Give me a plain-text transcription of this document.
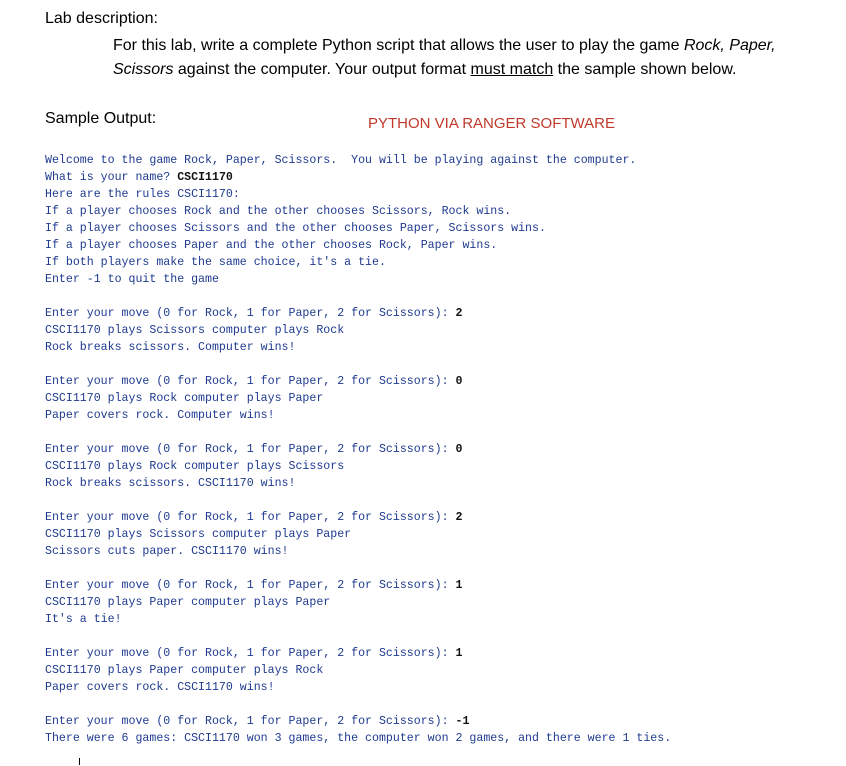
Lab description:
For this lab, write a complete Python script that allows the user to play the game Rock, Paper, Scissors against the computer. Your output format must match the sample shown below.
Sample Output:	PYTHON VIA RANGER SOFTWARE
Welcome to the game Rock, Paper, Scissors.  You will be playing against the computer.
What is your name? CSCI1170
Here are the rules CSCI1170:
If a player chooses Rock and the other chooses Scissors, Rock wins.
If a player chooses Scissors and the other chooses Paper, Scissors wins.
If a player chooses Paper and the other chooses Rock, Paper wins.
If both players make the same choice, it's a tie.
Enter -1 to quit the game
Enter your move (0 for Rock, 1 for Paper, 2 for Scissors): 2
CSCI1170 plays Scissors computer plays Rock
Rock breaks scissors. Computer wins!
Enter your move (0 for Rock, 1 for Paper, 2 for Scissors): 0
CSCI1170 plays Rock computer plays Paper
Paper covers rock. Computer wins!
Enter your move (0 for Rock, 1 for Paper, 2 for Scissors): 0
CSCI1170 plays Rock computer plays Scissors
Rock breaks scissors. CSCI1170 wins!
Enter your move (0 for Rock, 1 for Paper, 2 for Scissors): 2
CSCI1170 plays Scissors computer plays Paper
Scissors cuts paper. CSCI1170 wins!
Enter your move (0 for Rock, 1 for Paper, 2 for Scissors): 1
CSCI1170 plays Paper computer plays Paper
It's a tie!
Enter your move (0 for Rock, 1 for Paper, 2 for Scissors): 1
CSCI1170 plays Paper computer plays Rock
Paper covers rock. CSCI1170 wins!
Enter your move (0 for Rock, 1 for Paper, 2 for Scissors): -1
There were 6 games: CSCI1170 won 3 games, the computer won 2 games, and there were 1 ties.
